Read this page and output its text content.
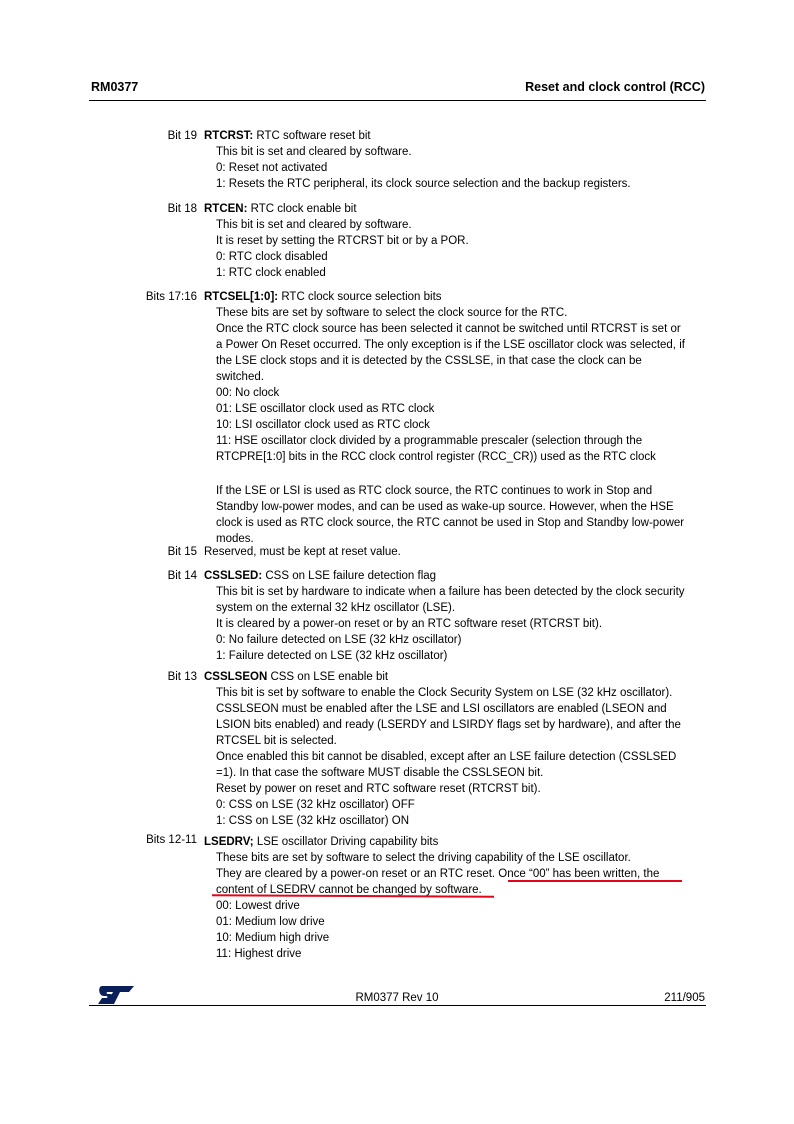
RM0377	Reset and clock control (RCC)
Bit 19 RTCRST: RTC software reset bit
This bit is set and cleared by software.
0: Reset not activated
1: Resets the RTC peripheral, its clock source selection and the backup registers.
Bit 18 RTCEN: RTC clock enable bit
This bit is set and cleared by software.
It is reset by setting the RTCRST bit or by a POR.
0: RTC clock disabled
1: RTC clock enabled
Bits 17:16 RTCSEL[1:0]: RTC clock source selection bits
These bits are set by software to select the clock source for the RTC.
Once the RTC clock source has been selected it cannot be switched until RTCRST is set or
a Power On Reset occurred. The only exception is if the LSE oscillator clock was selected, if
the LSE clock stops and it is detected by the CSSLSE, in that case the clock can be
switched.
00: No clock
01: LSE oscillator clock used as RTC clock
10: LSI oscillator clock used as RTC clock
11: HSE oscillator clock divided by a programmable prescaler (selection through the
RTCPRE[1:0] bits in the RCC clock control register (RCC_CR)) used as the RTC clock
If the LSE or LSI is used as RTC clock source, the RTC continues to work in Stop and
Standby low-power modes, and can be used as wake-up source. However, when the HSE
clock is used as RTC clock source, the RTC cannot be used in Stop and Standby low-power
modes.
Bit 15 Reserved, must be kept at reset value.
Bit 14 CSSLSED: CSS on LSE failure detection flag
This bit is set by hardware to indicate when a failure has been detected by the clock security
system on the external 32 kHz oscillator (LSE).
It is cleared by a power-on reset or by an RTC software reset (RTCRST bit).
0: No failure detected on LSE (32 kHz oscillator)
1: Failure detected on LSE (32 kHz oscillator)
Bit 13 CSSLSEON CSS on LSE enable bit
This bit is set by software to enable the Clock Security System on LSE (32 kHz oscillator).
CSSLSEON must be enabled after the LSE and LSI oscillators are enabled (LSEON and
LSION bits enabled) and ready (LSERDY and LSIRDY flags set by hardware), and after the
RTCSEL bit is selected.
Once enabled this bit cannot be disabled, except after an LSE failure detection (CSSLSED
=1). In that case the software MUST disable the CSSLSEON bit.
Reset by power on reset and RTC software reset (RTCRST bit).
0: CSS on LSE (32 kHz oscillator) OFF
1: CSS on LSE (32 kHz oscillator) ON
Bits 12-11 LSEDRV; LSE oscillator Driving capability bits
These bits are set by software to select the driving capability of the LSE oscillator.
They are cleared by a power-on reset or an RTC reset. Once “00” has been written, the
content of LSEDRV cannot be changed by software.
00: Lowest drive
01: Medium low drive
10: Medium high drive
11: Highest drive
RM0377 Rev 10	211/905
